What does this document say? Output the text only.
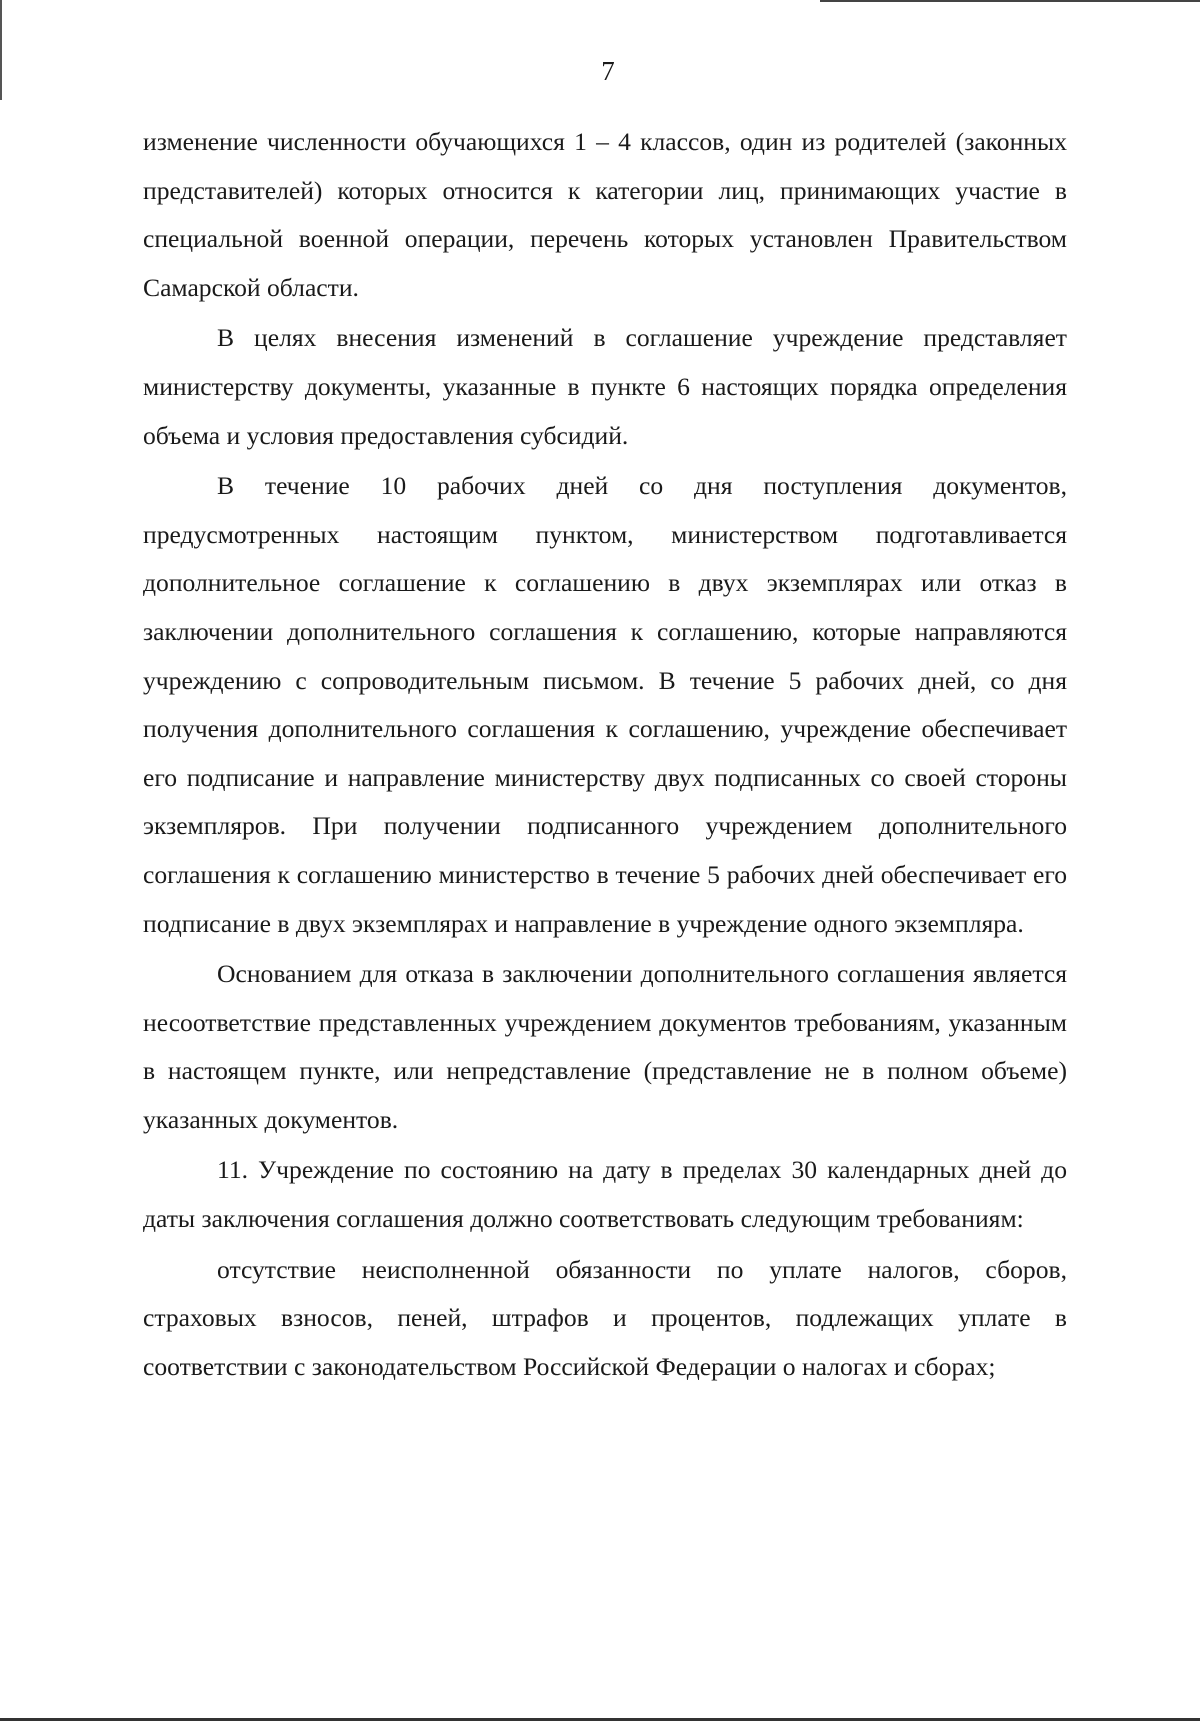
7

изменение численности обучающихся 1 – 4 классов, один из родителей (законных представителей) которых относится к категории лиц, принимающих участие в специальной военной операции, перечень которых установлен Правительством Самарской области.

В целях внесения изменений в соглашение учреждение представляет министерству документы, указанные в пункте 6 настоящих порядка определения объема и условия предоставления субсидий.

В течение 10 рабочих дней со дня поступления документов, предусмотренных настоящим пунктом, министерством подготавливается дополнительное соглашение к соглашению в двух экземплярах или отказ в заключении дополнительного соглашения к соглашению, которые направляются учреждению с сопроводительным письмом. В течение 5 рабочих дней, со дня получения дополнительного соглашения к соглашению, учреждение обеспечивает его подписание и направление министерству двух подписанных со своей стороны экземпляров. При получении подписанного учреждением дополнительного соглашения к соглашению министерство в течение 5 рабочих дней обеспечивает его подписание в двух экземплярах и направление в учреждение одного экземпляра.

Основанием для отказа в заключении дополнительного соглашения является несоответствие представленных учреждением документов требованиям, указанным в настоящем пункте, или непредставление (представление не в полном объеме) указанных документов.

11. Учреждение по состоянию на дату в пределах 30 календарных дней до даты заключения соглашения должно соответствовать следующим требованиям:

отсутствие неисполненной обязанности по уплате налогов, сборов, страховых взносов, пеней, штрафов и процентов, подлежащих уплате в соответствии с законодательством Российской Федерации о налогах и сборах;
